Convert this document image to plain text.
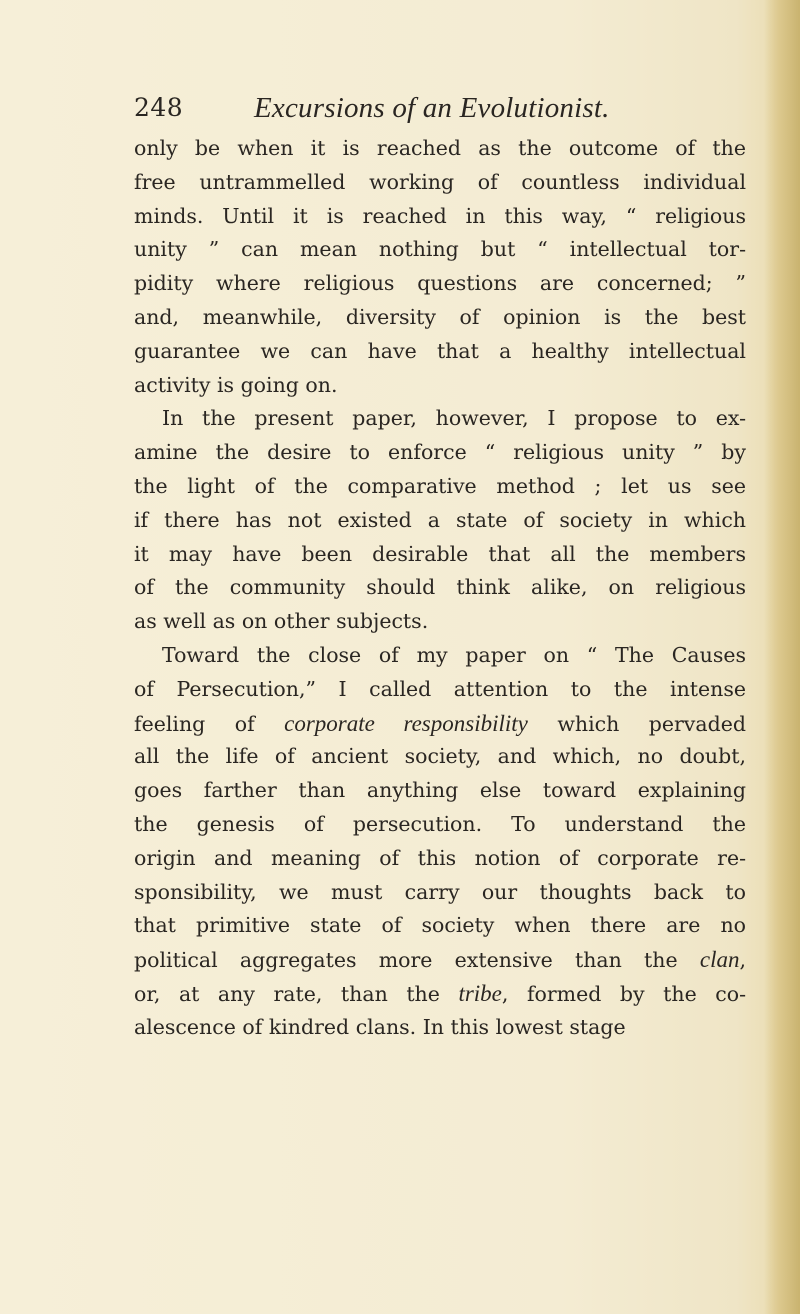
248 Excursions of an Evolutionist.
only be when it is reached as the outcome of the
free untrammelled working of countless individual
minds. Until it is reached in this way, “ religious
unity ” can mean nothing but “ intellectual tor-
pidity where religious questions are concerned; ”
and, meanwhile, diversity of opinion is the best
guarantee we can have that a healthy intellectual
activity is going on.
In the present paper, however, I propose to ex-
amine the desire to enforce “ religious unity ” by
the light of the comparative method ; let us see
if there has not existed a state of society in which
it may have been desirable that all the members
of the community should think alike, on religious
as well as on other subjects.
Toward the close of my paper on “ The Causes
of Persecution,” I called attention to the intense
feeling of corporate responsibility which pervaded
all the life of ancient society, and which, no doubt,
goes farther than anything else toward explaining
the genesis of persecution. To understand the
origin and meaning of this notion of corporate re-
sponsibility, we must carry our thoughts back to
that primitive state of society when there are no
political aggregates more extensive than the clan,
or, at any rate, than the tribe, formed by the co-
alescence of kindred clans. In this lowest stage
